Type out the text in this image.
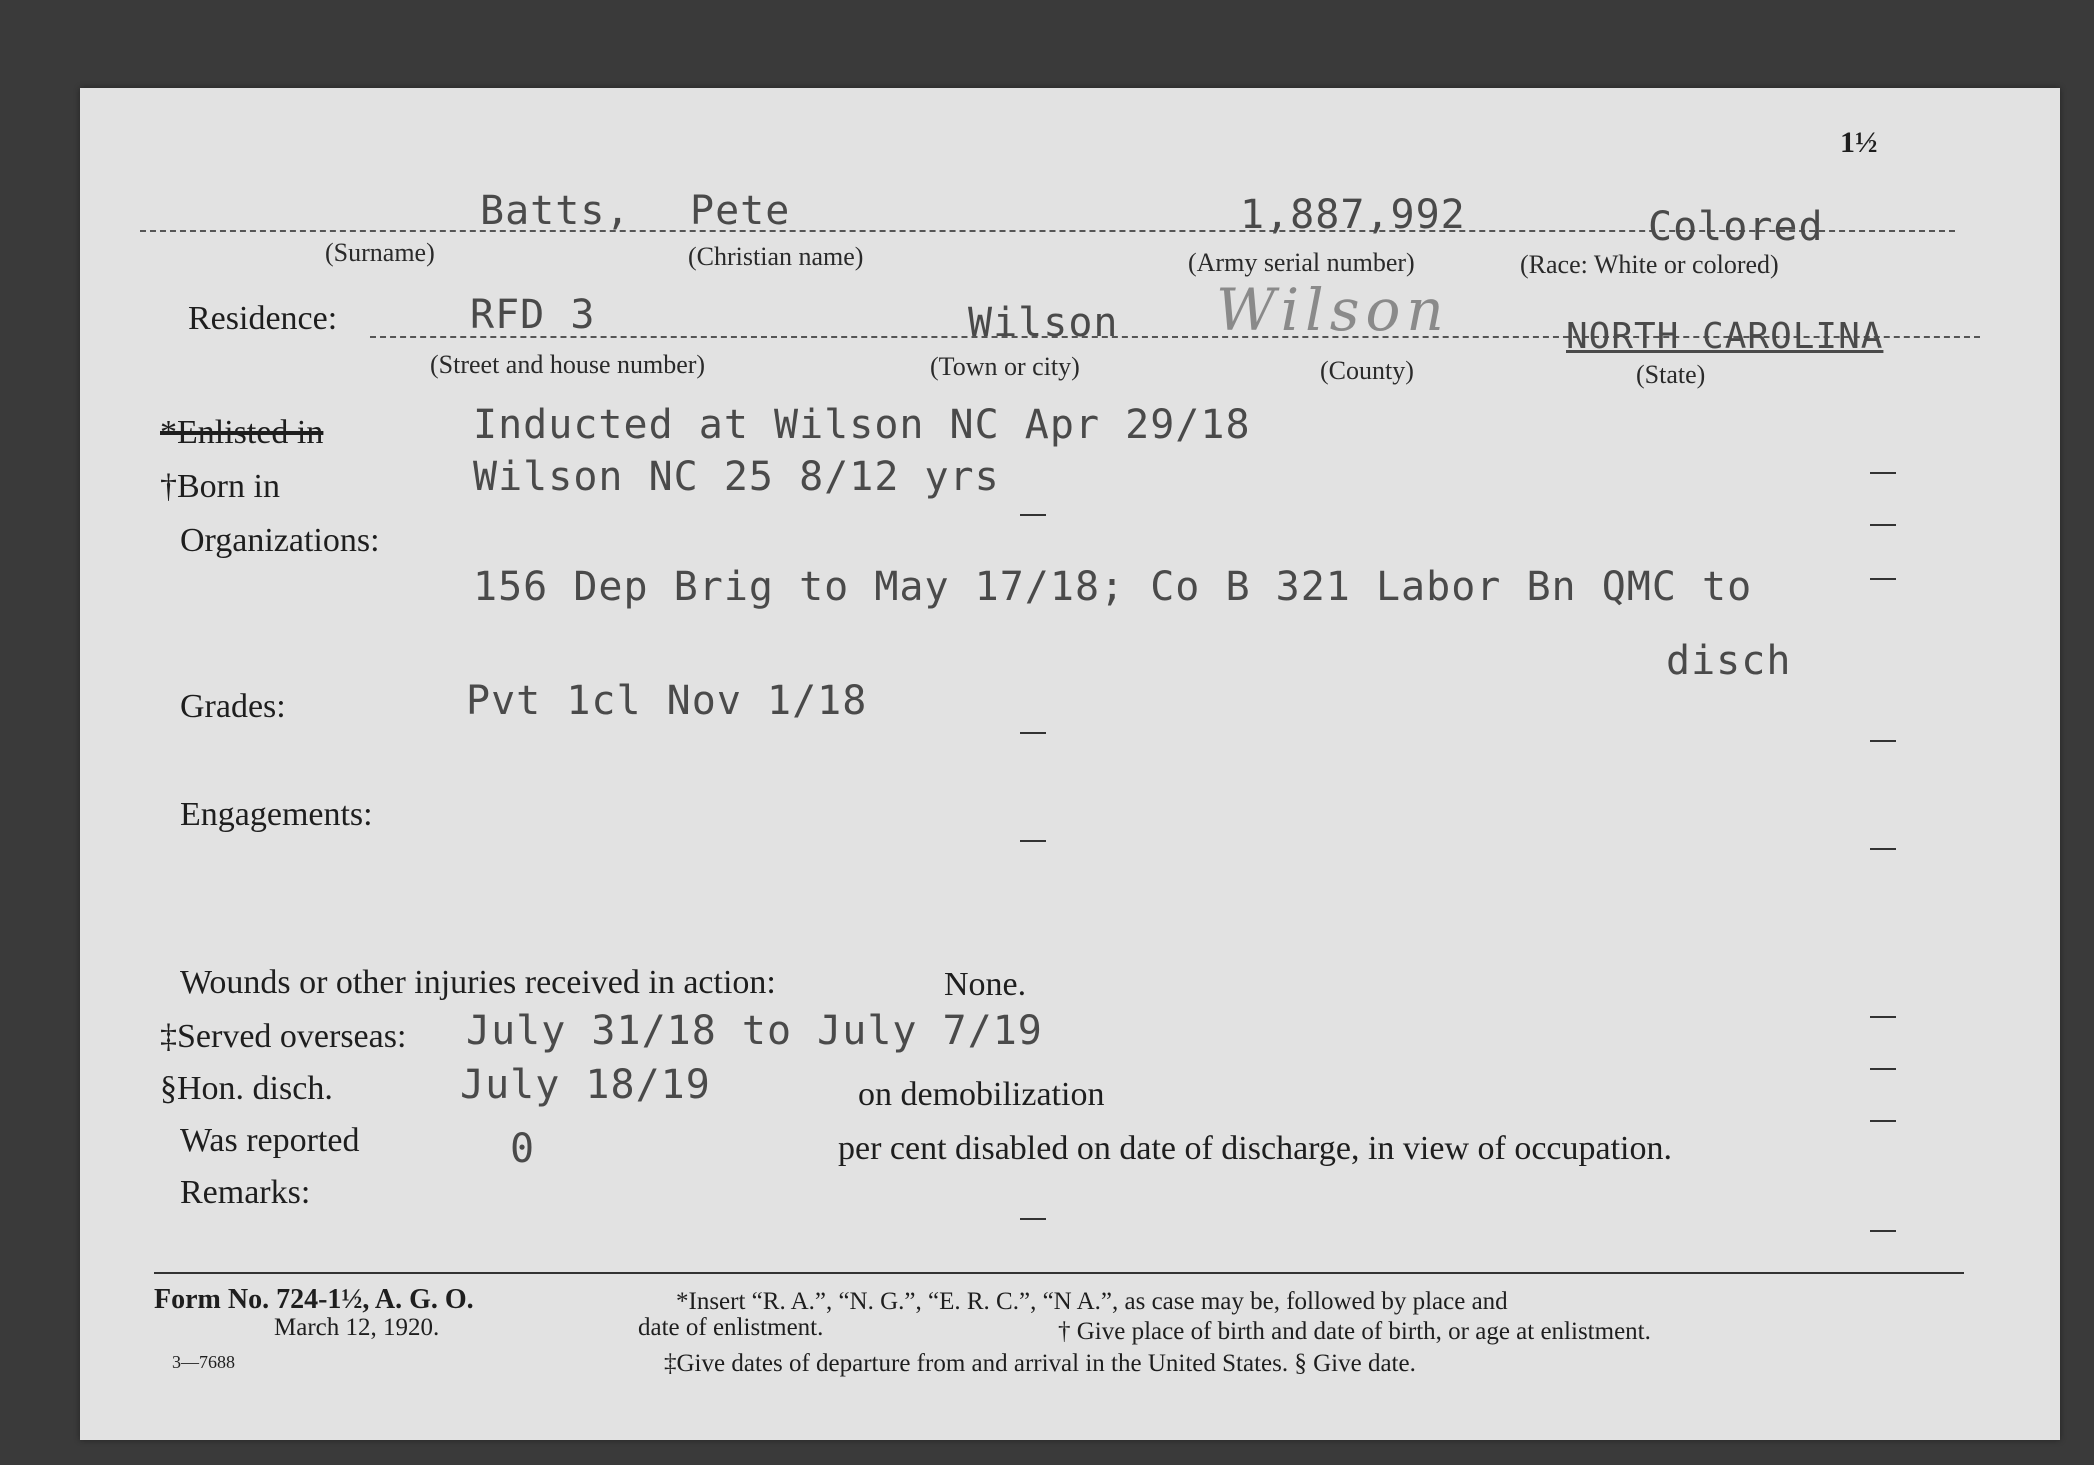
1½
Batts, Pete	1,887,992	Colored
(Surname)	(Christian name)	(Army serial number)	(Race: White or colored)
Residence:	RFD 3	Wilson Wilson	NORTH CAROLINA
(Street and house number)	(Town or city)	(County)	(State)
*Enlisted in	Inducted at Wilson NC Apr 29/18
†Born in	Wilson NC 25 8/12 yrs
Organizations:
156 Dep Brig to May 17/18; Co B 321 Labor Bn QMC to
disch
Grades:	Pvt 1cl Nov 1/18
Engagements:
Wounds or other injuries received in action:	None.
‡Served overseas: July 31/18 to July 7/19
§Hon. disch.	July 18/19	on demobilization
Was reported	0	per cent disabled on date of discharge, in view of occupation.
Remarks:
Form No. 724-1½, A. G. O.
March 12, 1920.
3—7688
*Insert “R. A.”, “N. G.”, “E. R. C.”, “N A.”, as case may be, followed by place and
date of enlistment.	† Give place of birth and date of birth, or age at enlistment.
‡Give dates of departure from and arrival in the United States. § Give date.
